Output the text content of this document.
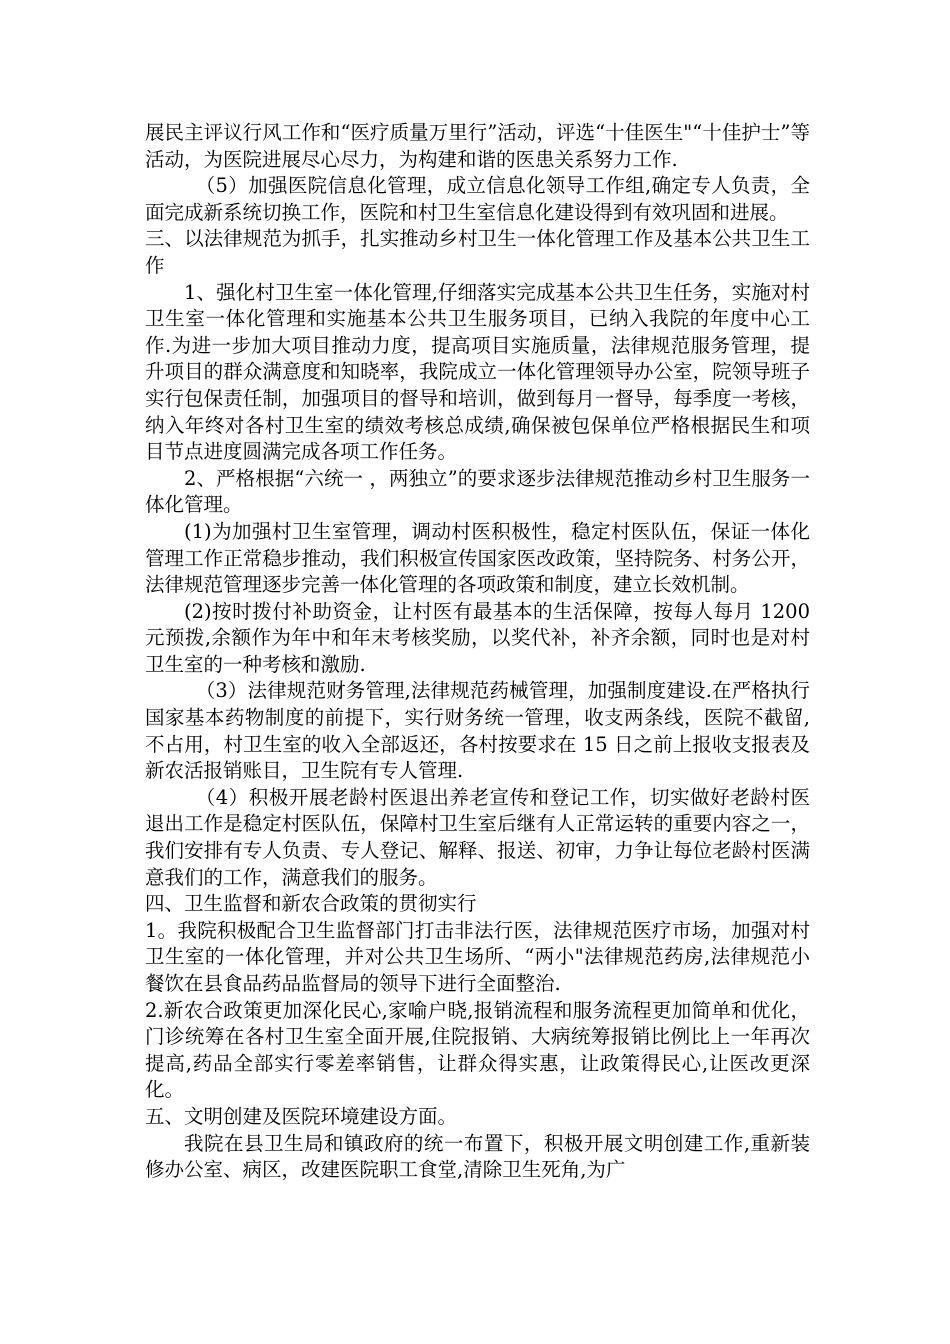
展民主评议行风工作和“医疗质量万里行”活动，评选“十佳医生"“十佳护士”等活动，为医院进展尽心尽力，为构建和谐的医患关系努力工作.

（5）加强医院信息化管理，成立信息化领导工作组,确定专人负责，全面完成新系统切换工作，医院和村卫生室信息化建设得到有效巩固和进展。

三、以法律规范为抓手，扎实推动乡村卫生一体化管理工作及基本公共卫生工作

1、强化村卫生室一体化管理,仔细落实完成基本公共卫生任务，实施对村卫生室一体化管理和实施基本公共卫生服务项目，已纳入我院的年度中心工作.为进一步加大项目推动力度，提高项目实施质量，法律规范服务管理，提升项目的群众满意度和知晓率，我院成立一体化管理领导办公室，院领导班子实行包保责任制，加强项目的督导和培训，做到每月一督导，每季度一考核，纳入年终对各村卫生室的绩效考核总成绩,确保被包保单位严格根据民生和项目节点进度圆满完成各项工作任务。

2、严格根据“六统一 ，两独立”的要求逐步法律规范推动乡村卫生服务一体化管理。

(1)为加强村卫生室管理，调动村医积极性，稳定村医队伍，保证一体化管理工作正常稳步推动，我们积极宣传国家医改政策，坚持院务、村务公开，法律规范管理逐步完善一体化管理的各项政策和制度，建立长效机制。

(2)按时拨付补助资金，让村医有最基本的生活保障，按每人每月 1200 元预拨,余额作为年中和年末考核奖励，以奖代补，补齐余额，同时也是对村卫生室的一种考核和激励.

（3）法律规范财务管理,法律规范药械管理，加强制度建设.在严格执行国家基本药物制度的前提下，实行财务统一管理，收支两条线，医院不截留,不占用，村卫生室的收入全部返还，各村按要求在 15 日之前上报收支报表及新农活报销账目，卫生院有专人管理.

（4）积极开展老龄村医退出养老宣传和登记工作，切实做好老龄村医退出工作是稳定村医队伍，保障村卫生室后继有人正常运转的重要内容之一，我们安排有专人负责、专人登记、解释、报送、初审，力争让每位老龄村医满意我们的工作，满意我们的服务。

四、卫生监督和新农合政策的贯彻实行

1。我院积极配合卫生监督部门打击非法行医，法律规范医疗市场，加强对村卫生室的一体化管理，并对公共卫生场所、“两小"法律规范药房,法律规范小餐饮在县食品药品监督局的领导下进行全面整治.

2.新农合政策更加深化民心,家喻户晓,报销流程和服务流程更加简单和优化，门诊统筹在各村卫生室全面开展,住院报销、大病统筹报销比例比上一年再次提高,药品全部实行零差率销售，让群众得实惠，让政策得民心,让医改更深化。

五、文明创建及医院环境建设方面。

我院在县卫生局和镇政府的统一布置下，积极开展文明创建工作,重新装修办公室、病区，改建医院职工食堂,清除卫生死角,为广
